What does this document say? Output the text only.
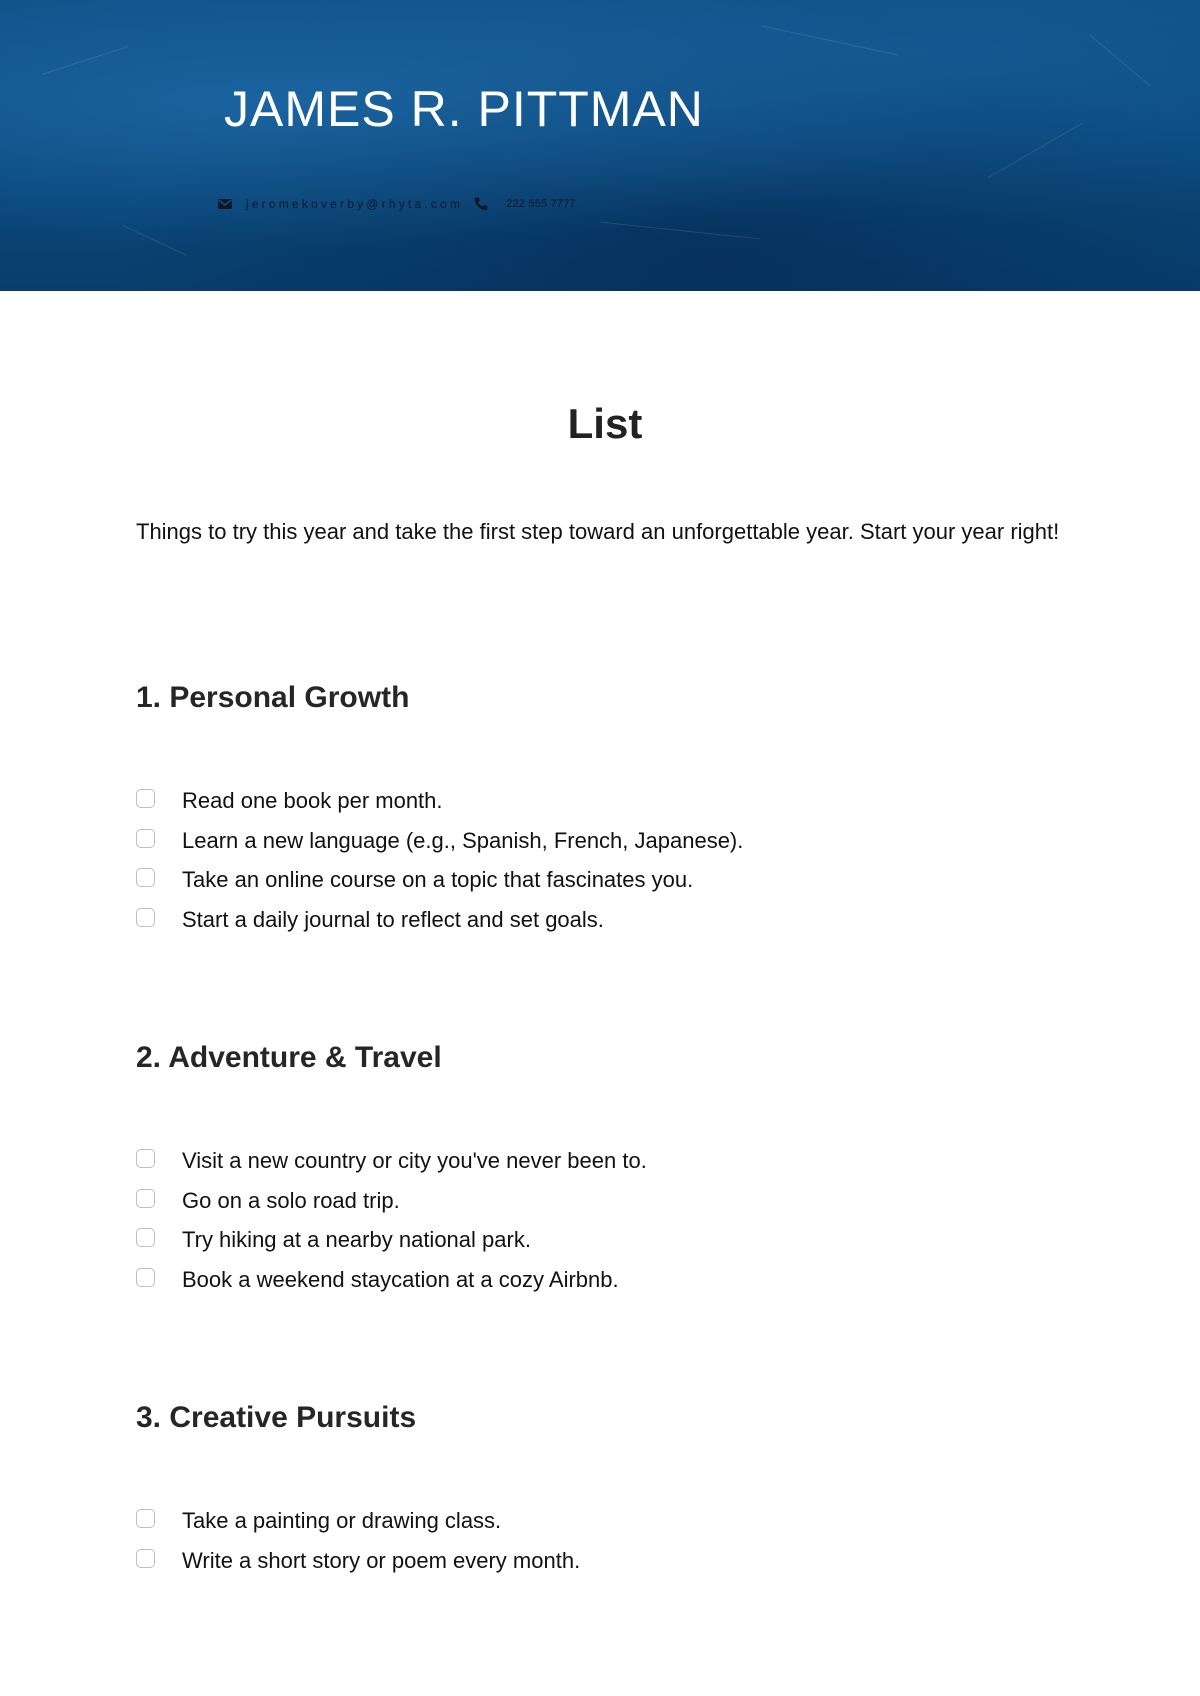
JAMES R. PITTMAN
jeromekoverby@rhyta.com	222 555 7777
List

Things to try this year and take the first step toward an unforgettable year. Start your year right!

1. Personal Growth
Read one book per month.
Learn a new language (e.g., Spanish, French, Japanese).
Take an online course on a topic that fascinates you.
Start a daily journal to reflect and set goals.
2. Adventure & Travel
Visit a new country or city you've never been to.
Go on a solo road trip.
Try hiking at a nearby national park.
Book a weekend staycation at a cozy Airbnb.
3. Creative Pursuits
Take a painting or drawing class.
Write a short story or poem every month.
